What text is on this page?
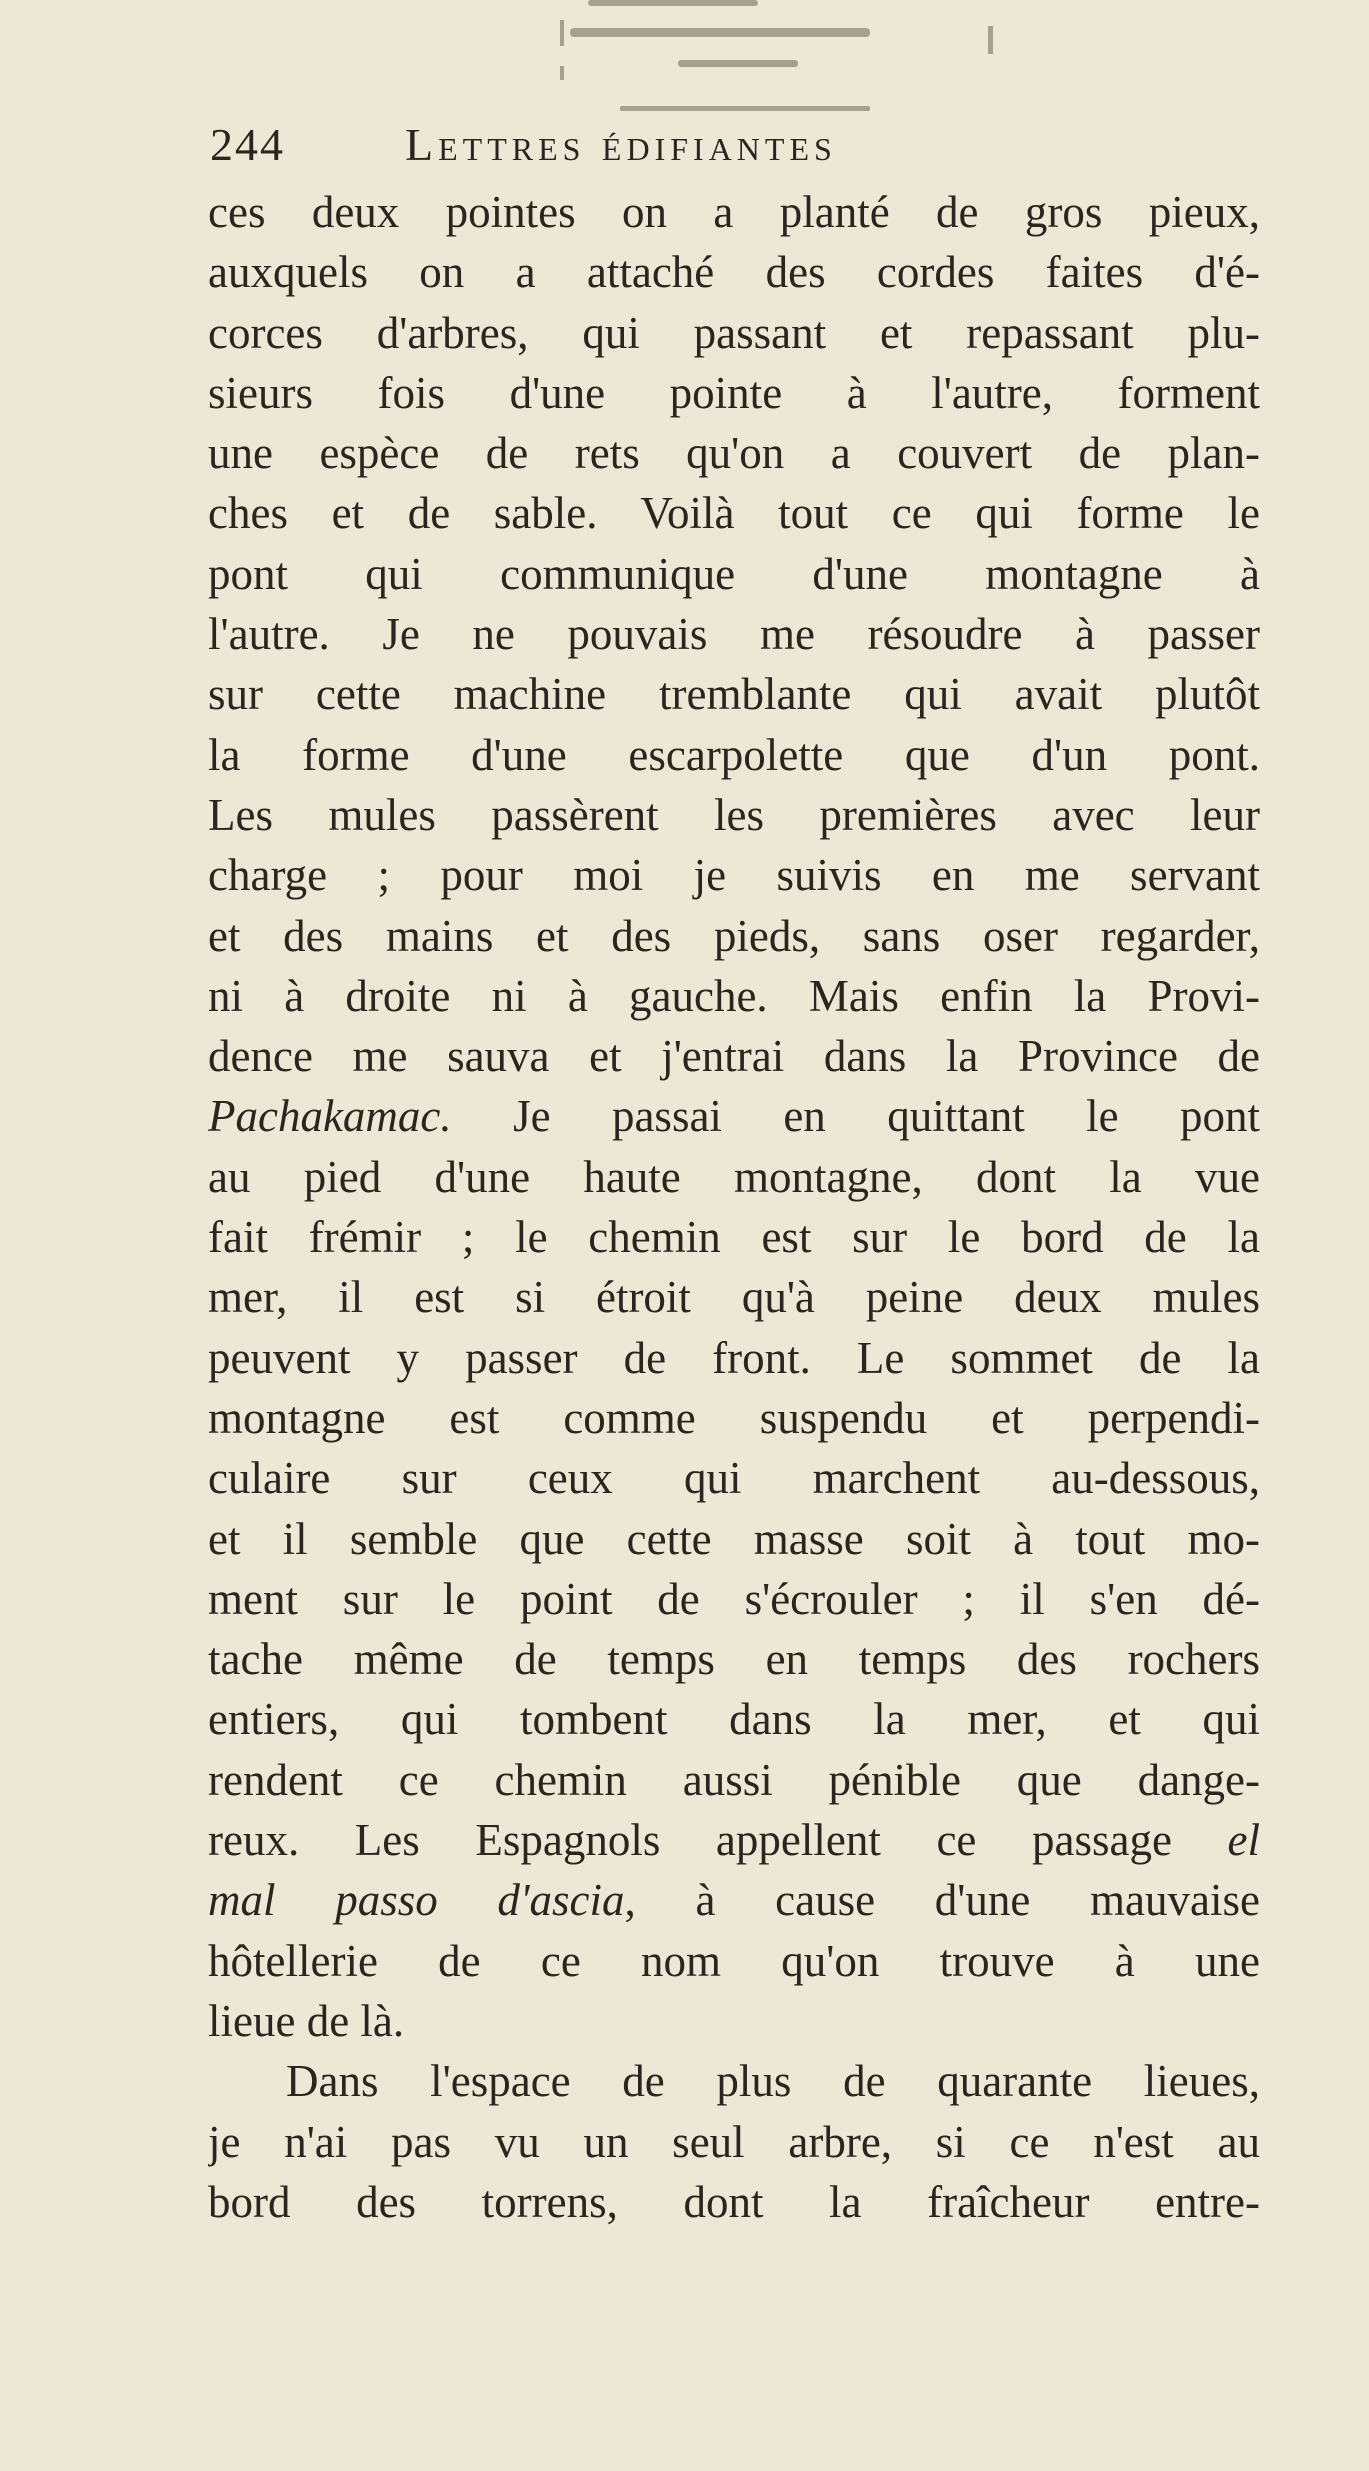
244	Lettres édifiantes
ces deux pointes on a planté de gros pieux,
auxquels on a attaché des cordes faites d'é-
corces d'arbres, qui passant et repassant plu-
sieurs fois d'une pointe à l'autre, forment
une espèce de rets qu'on a couvert de plan-
ches et de sable. Voilà tout ce qui forme le
pont qui communique d'une montagne à
l'autre. Je ne pouvais me résoudre à passer
sur cette machine tremblante qui avait plutôt
la forme d'une escarpolette que d'un pont.
Les mules passèrent les premières avec leur
charge ; pour moi je suivis en me servant
et des mains et des pieds, sans oser regarder,
ni à droite ni à gauche. Mais enfin la Provi-
dence me sauva et j'entrai dans la Province de
Pachakamac. Je passai en quittant le pont
au pied d'une haute montagne, dont la vue
fait frémir ; le chemin est sur le bord de la
mer, il est si étroit qu'à peine deux mules
peuvent y passer de front. Le sommet de la
montagne est comme suspendu et perpendi-
culaire sur ceux qui marchent au-dessous,
et il semble que cette masse soit à tout mo-
ment sur le point de s'écrouler ; il s'en dé-
tache même de temps en temps des rochers
entiers, qui tombent dans la mer, et qui
rendent ce chemin aussi pénible que dange-
reux. Les Espagnols appellent ce passage el
mal passo d'ascia, à cause d'une mauvaise
hôtellerie de ce nom qu'on trouve à une
lieue de là.
Dans l'espace de plus de quarante lieues,
je n'ai pas vu un seul arbre, si ce n'est au
bord des torrens, dont la fraîcheur entre-
